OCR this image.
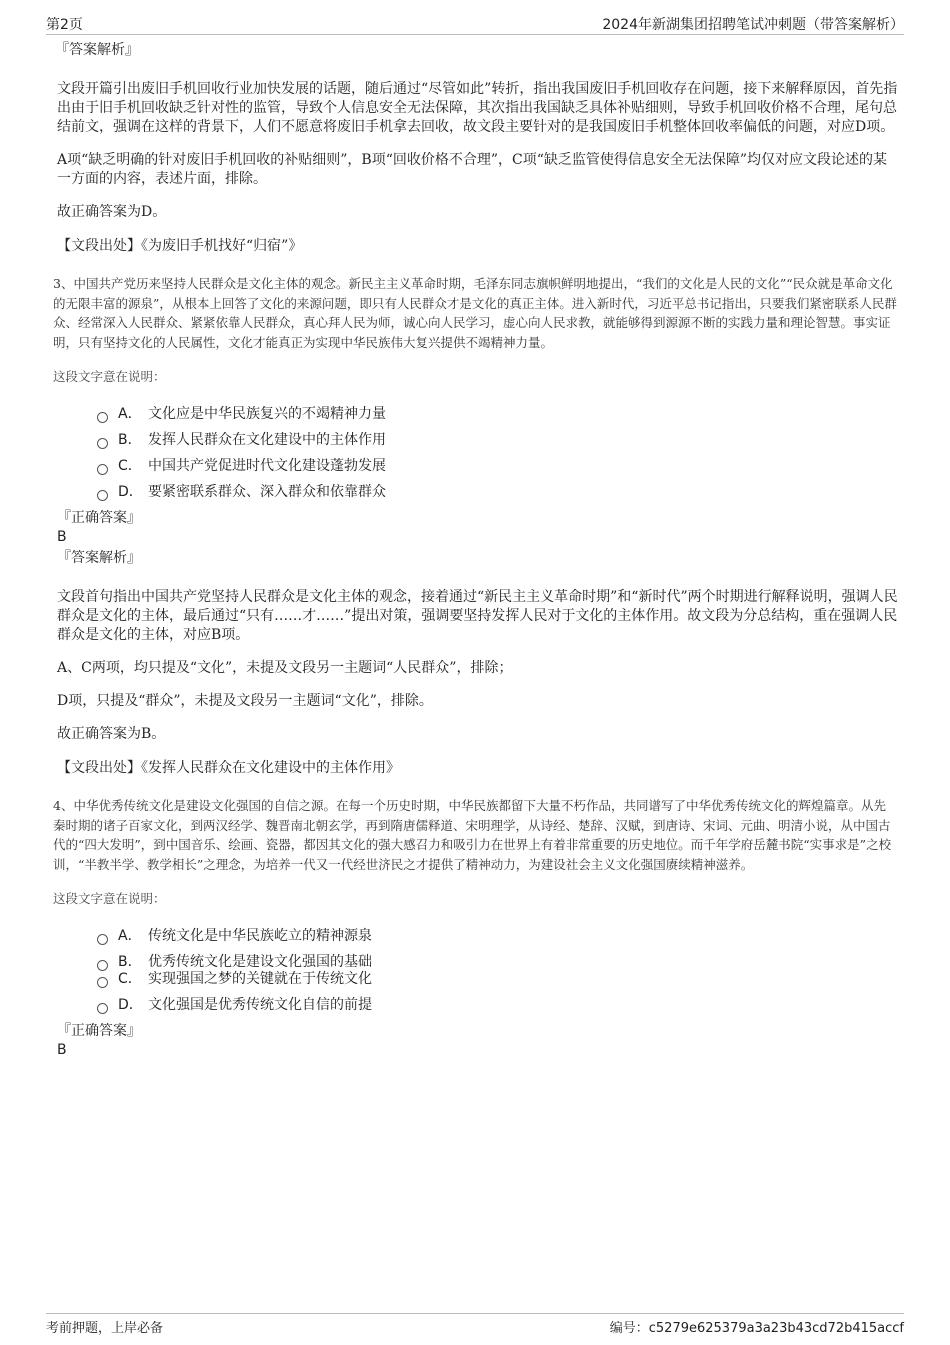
第2页	2024年新湖集团招聘笔试冲刺题（带答案解析）

『答案解析』

文段开篇引出废旧手机回收行业加快发展的话题，随后通过“尽管如此”转折，指出我国废旧手机回收存在问题，接下来解释原因，首先指出由于旧手机回收缺乏针对性的监管，导致个人信息安全无法保障，其次指出我国缺乏具体补贴细则，导致手机回收价格不合理，尾句总结前文，强调在这样的背景下，人们不愿意将废旧手机拿去回收，故文段主要针对的是我国废旧手机整体回收率偏低的问题，对应D项。

A项“缺乏明确的针对废旧手机回收的补贴细则”，B项“回收价格不合理”，C项“缺乏监管使得信息安全无法保障”均仅对应文段论述的某一方面的内容，表述片面，排除。

故正确答案为D。

【文段出处】《为废旧手机找好“归宿”》

3、中国共产党历来坚持人民群众是文化主体的观念。新民主主义革命时期，毛泽东同志旗帜鲜明地提出，“我们的文化是人民的文化”“民众就是革命文化的无限丰富的源泉”，从根本上回答了文化的来源问题，即只有人民群众才是文化的真正主体。进入新时代，习近平总书记指出，只要我们紧密联系人民群众、经常深入人民群众、紧紧依靠人民群众，真心拜人民为师，诚心向人民学习，虚心向人民求教，就能够得到源源不断的实践力量和理论智慧。事实证明，只有坚持文化的人民属性，文化才能真正为实现中华民族伟大复兴提供不竭精神力量。

这段文字意在说明：

A． 文化应是中华民族复兴的不竭精神力量
B． 发挥人民群众在文化建设中的主体作用
C． 中国共产党促进时代文化建设蓬勃发展
D． 要紧密联系群众、深入群众和依靠群众

『正确答案』

B

『答案解析』

文段首句指出中国共产党坚持人民群众是文化主体的观念，接着通过“新民主主义革命时期”和“新时代”两个时期进行解释说明，强调人民群众是文化的主体，最后通过“只有……才……”提出对策，强调要坚持发挥人民对于文化的主体作用。故文段为分总结构，重在强调人民群众是文化的主体，对应B项。

A、C两项，均只提及“文化”，未提及文段另一主题词“人民群众”，排除；

D项，只提及“群众”，未提及文段另一主题词“文化”，排除。

故正确答案为B。

【文段出处】《发挥人民群众在文化建设中的主体作用》

4、中华优秀传统文化是建设文化强国的自信之源。在每一个历史时期，中华民族都留下大量不朽作品，共同谱写了中华优秀传统文化的辉煌篇章。从先秦时期的诸子百家文化，到两汉经学、魏晋南北朝玄学，再到隋唐儒释道、宋明理学，从诗经、楚辞、汉赋，到唐诗、宋词、元曲、明清小说，从中国古代的“四大发明”，到中国音乐、绘画、瓷器，都因其文化的强大感召力和吸引力在世界上有着非常重要的历史地位。而千年学府岳麓书院“实事求是”之校训，“半教半学、教学相长”之理念，为培养一代又一代经世济民之才提供了精神动力，为建设社会主义文化强国赓续精神滋养。

这段文字意在说明：

A． 传统文化是中华民族屹立的精神源泉
B． 优秀传统文化是建设文化强国的基础
C． 实现强国之梦的关键就在于传统文化
D． 文化强国是优秀传统文化自信的前提

『正确答案』

B

考前押题，上岸必备	编号：c5279e625379a3a23b43cd72b415accf
